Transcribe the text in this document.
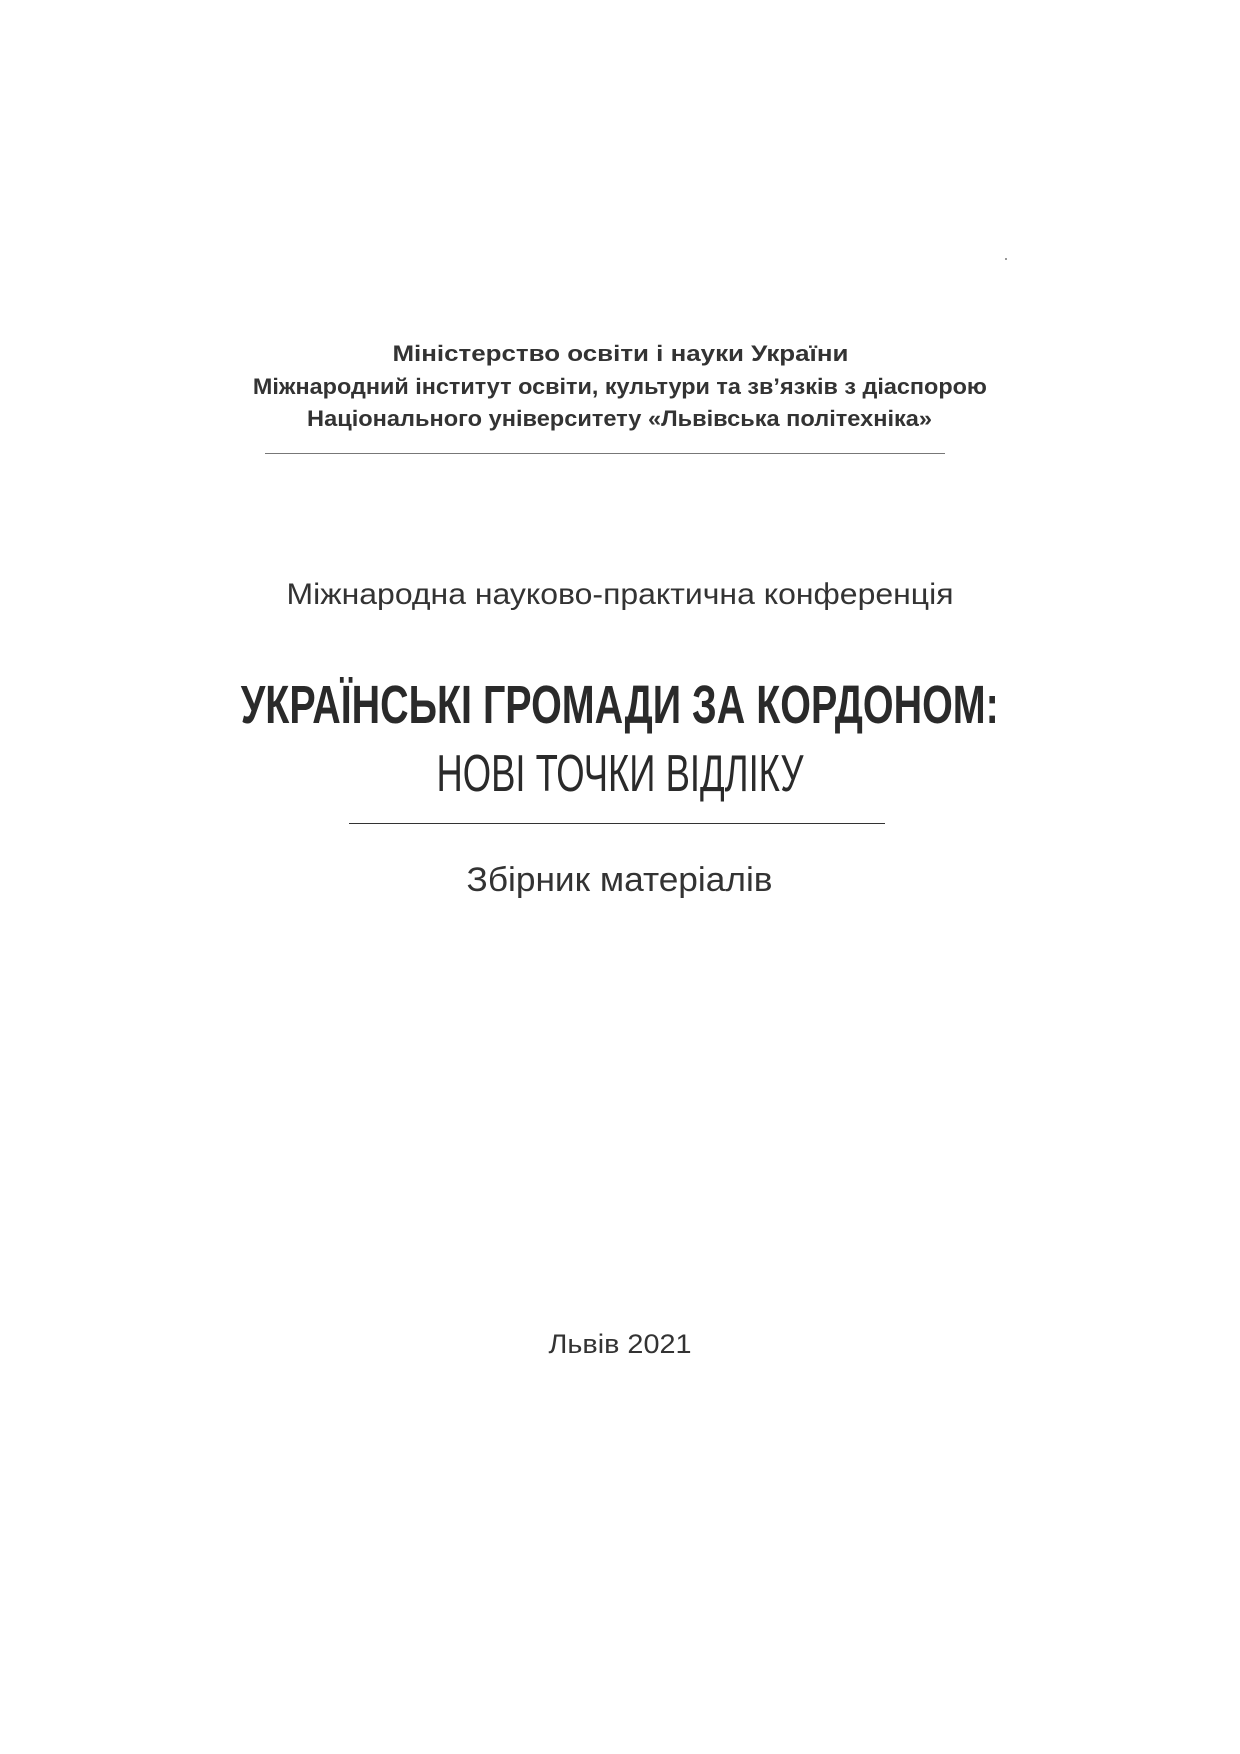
Міністерство освіти і науки України
Міжнародний інститут освіти, культури та зв’язків з діаспорою
Національного університету «Львівська політехніка»
Міжнародна науково-практична конференція
УКРАЇНСЬКІ ГРОМАДИ ЗА КОРДОНОМ:
НОВІ ТОЧКИ ВІДЛІКУ
Збірник матеріалів
Львів 2021
